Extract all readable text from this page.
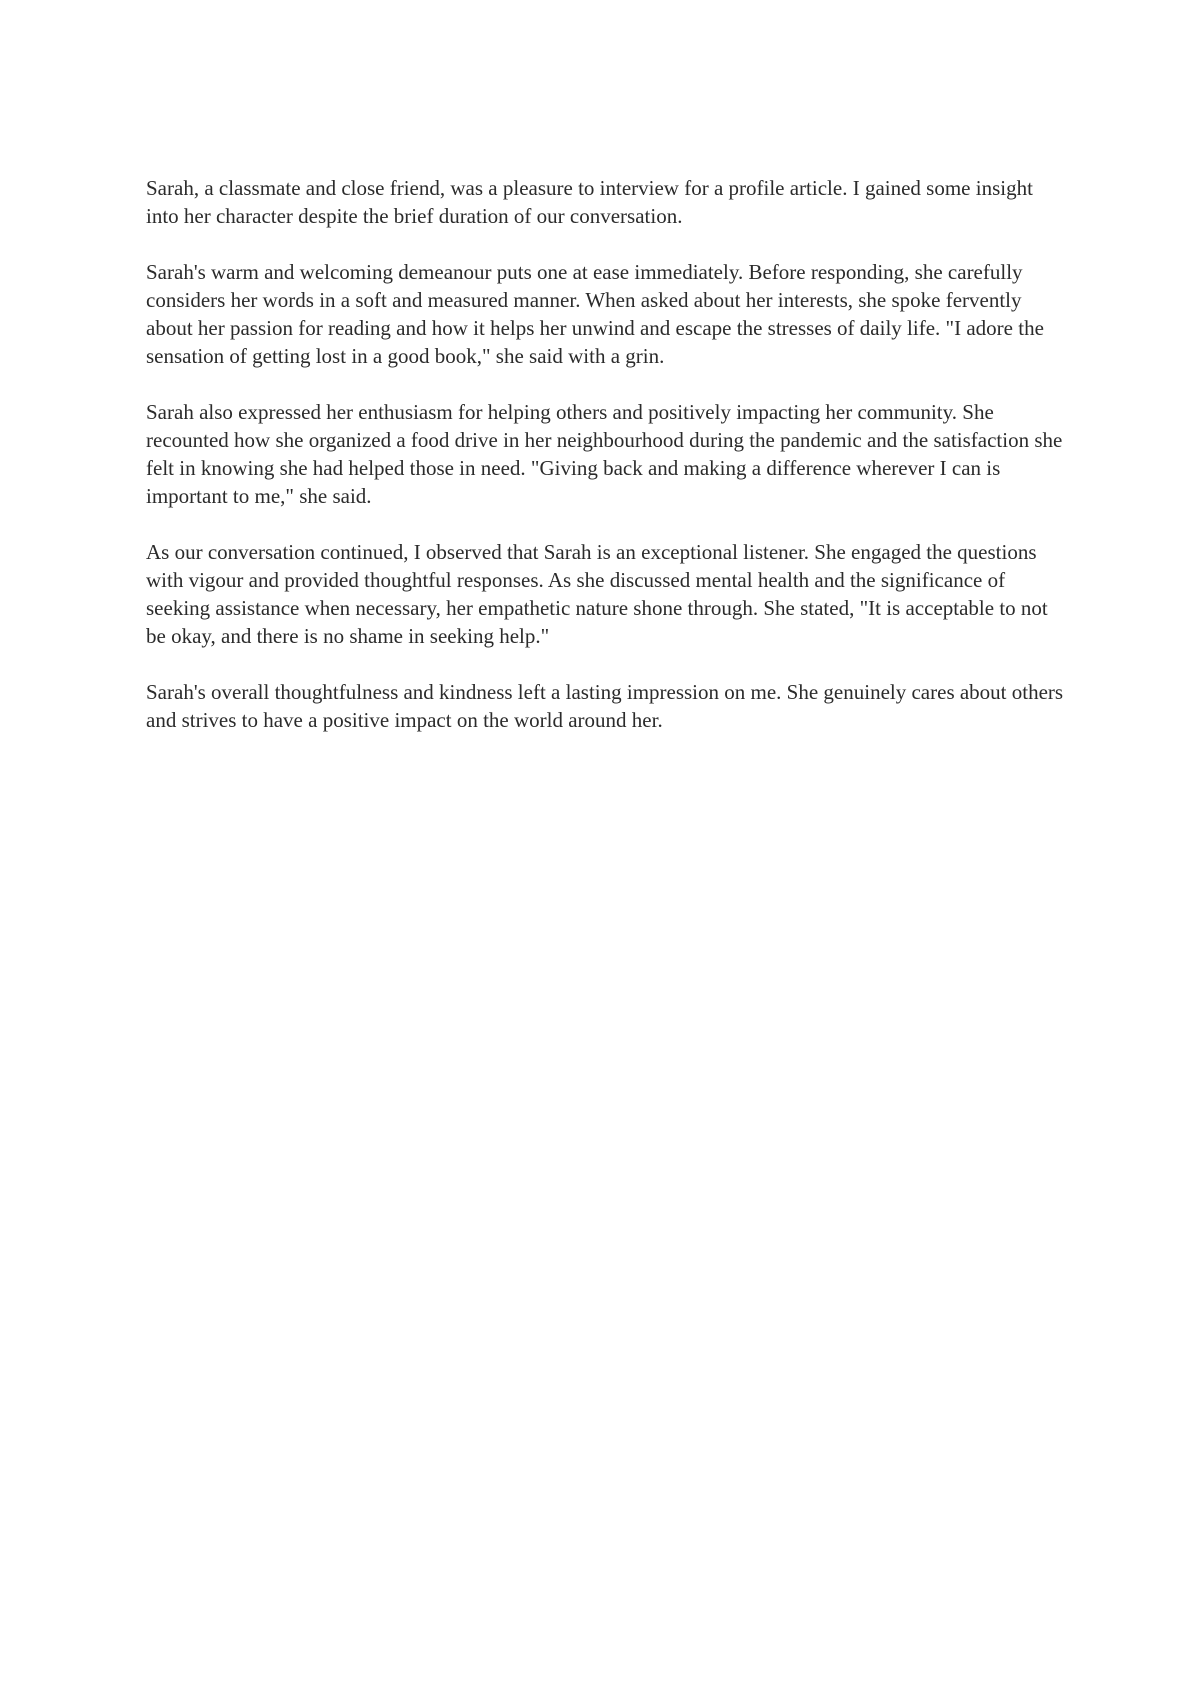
Sarah, a classmate and close friend, was a pleasure to interview for a profile article. I gained some insight into her character despite the brief duration of our conversation.

Sarah's warm and welcoming demeanour puts one at ease immediately. Before responding, she carefully considers her words in a soft and measured manner. When asked about her interests, she spoke fervently about her passion for reading and how it helps her unwind and escape the stresses of daily life. "I adore the sensation of getting lost in a good book," she said with a grin.

Sarah also expressed her enthusiasm for helping others and positively impacting her community. She recounted how she organized a food drive in her neighbourhood during the pandemic and the satisfaction she felt in knowing she had helped those in need. "Giving back and making a difference wherever I can is important to me," she said.

As our conversation continued, I observed that Sarah is an exceptional listener. She engaged the questions with vigour and provided thoughtful responses. As she discussed mental health and the significance of seeking assistance when necessary, her empathetic nature shone through. She stated, "It is acceptable to not be okay, and there is no shame in seeking help."

Sarah's overall thoughtfulness and kindness left a lasting impression on me. She genuinely cares about others and strives to have a positive impact on the world around her.
